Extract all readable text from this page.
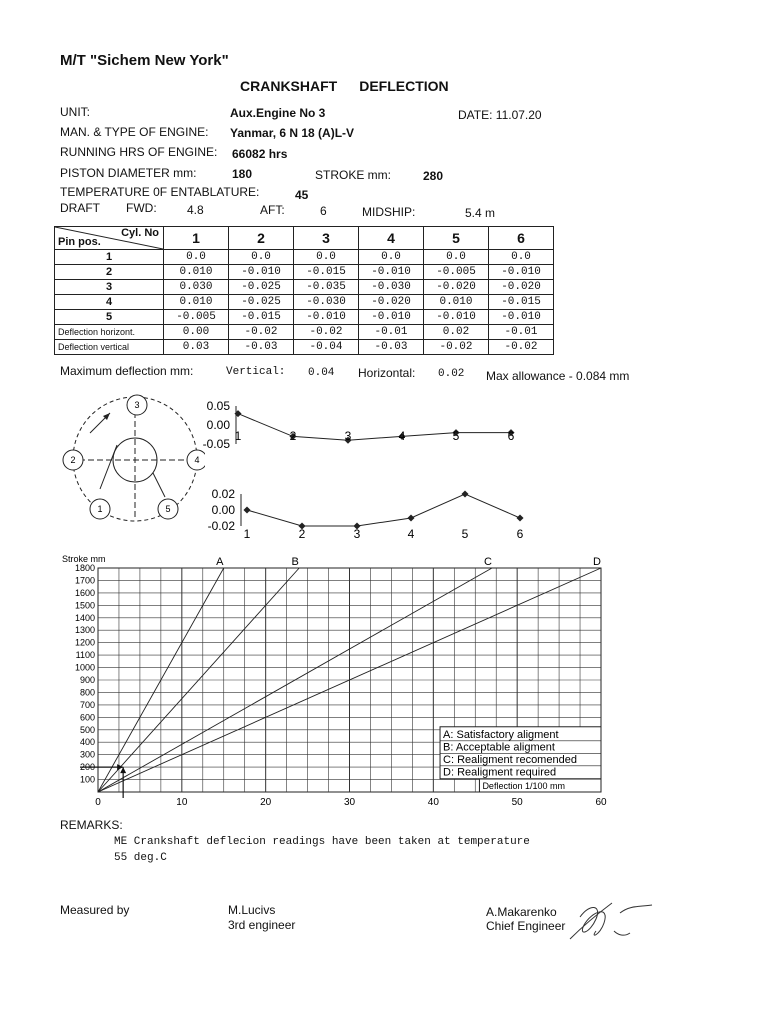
M/T "Sichem New York"
CRANKSHAFT DEFLECTION
UNIT:	Aux.Engine No 3	DATE: 11.07.20
MAN. & TYPE OF ENGINE: Yanmar, 6 N 18 (A)L-V
RUNNING HRS OF ENGINE: 66082 hrs
PISTON DIAMETER mm:	180	STROKE mm:	280
TEMPERATURE 0F ENTABLATURE:	45
DRAFT FWD:	4.8	AFT:	6	MIDSHIP:	5.4 m
Cyl. No
Pin pos.	1	2	3	4	5	6
1	0.0	0.0	0.0	0.0	0.0	0.0
2	0.010	-0.010	-0.015	-0.010	-0.005	-0.010
3	0.030	-0.025	-0.035	-0.030	-0.020	-0.020
4	0.010	-0.025	-0.030	-0.020	0.010	-0.015
5	-0.005	-0.015	-0.010	-0.010	-0.010	-0.010
Deflection horizont.	0.00	-0.02	-0.02	-0.01	0.02	-0.01
Deflection vertical	0.03	-0.03	-0.04	-0.03	-0.02	-0.02
Maximum deflection mm:	Vertical: 0.04 Horizontal: 0.02 Max allowance - 0.084 mm
1
2
3
4
5
0.05
0.00
-0.05
1	2	3	4	5	6
0.02
0.00
-0.02
1	2	3	4	5	6
100
200
300
400
500
600
700
800
900
1000
1100
1200
1300
1400
1500
1600
1700
1800
0	10	20	30	40	50	60
Stroke mm	A	B	C	D
A: Satisfactory aligment
B: Acceptable aligment
C: Realigment recomended
D: Realigment required
Deflection 1/100 mm
REMARKS:
ME Crankshaft deflecion readings have been taken at temperature
55 deg.C
Measured by	M.Lucivs
3rd engineer
A.Makarenko
Chief Engineer
